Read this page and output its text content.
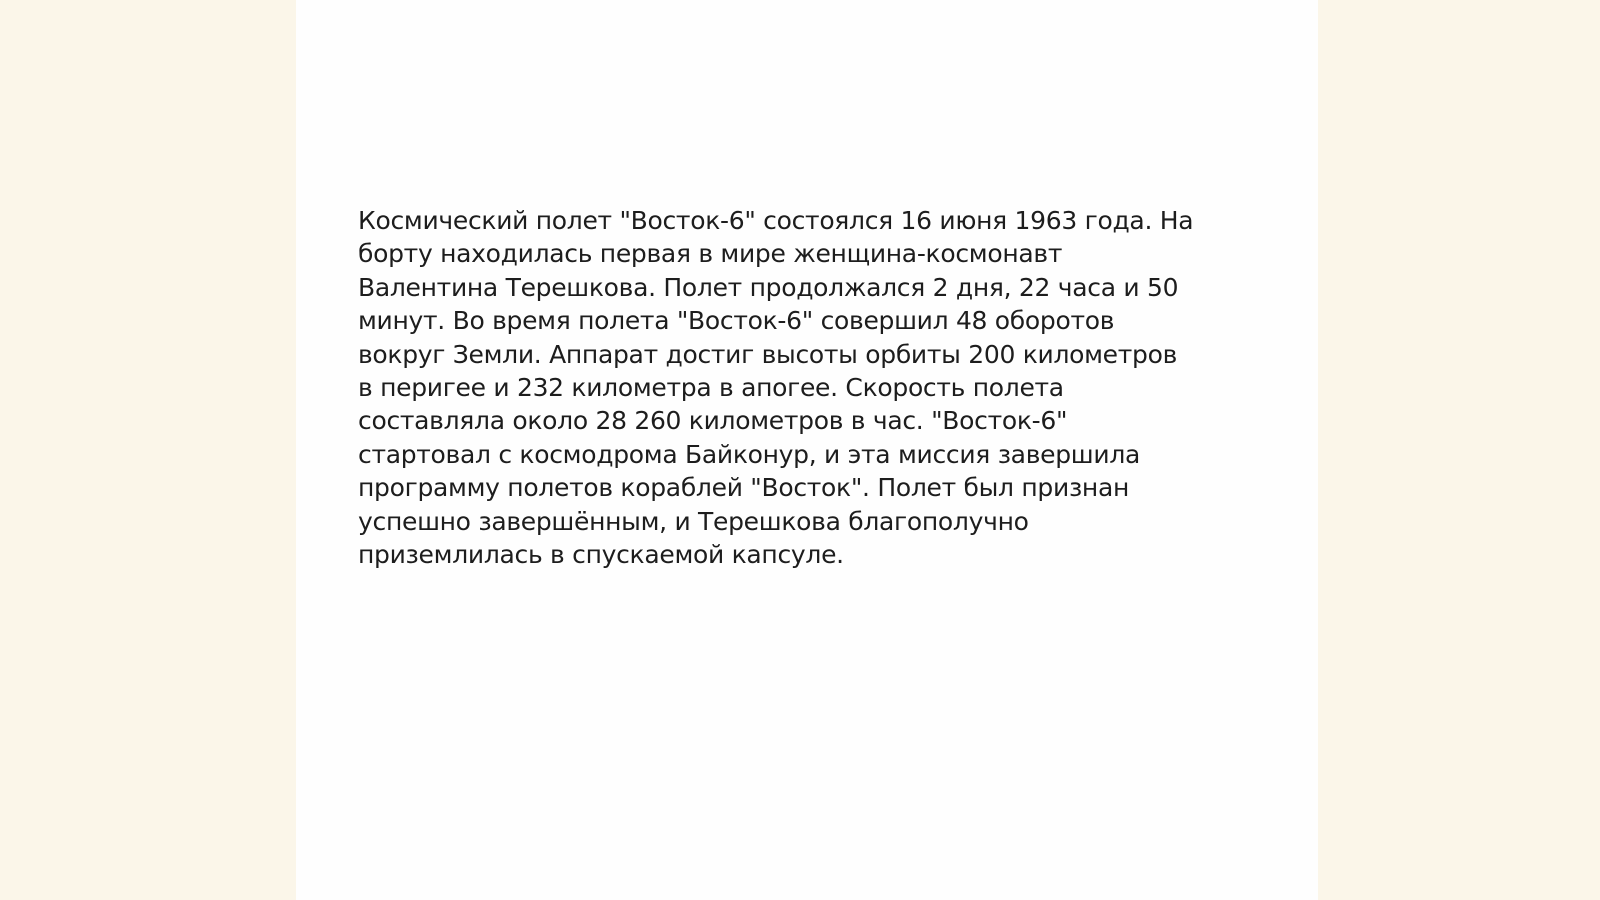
Космический полет "Восток-6" состоялся 16 июня 1963 года. На
борту находилась первая в мире женщина-космонавт
Валентина Терешкова. Полет продолжался 2 дня, 22 часа и 50
минут. Во время полета "Восток-6" совершил 48 оборотов
вокруг Земли. Аппарат достиг высоты орбиты 200 километров
в перигее и 232 километра в апогее. Скорость полета
составляла около 28 260 километров в час. "Восток-6"
стартовал с космодрома Байконур, и эта миссия завершила
программу полетов кораблей "Восток". Полет был признан
успешно завершённым, и Терешкова благополучно
приземлилась в спускаемой капсуле.
